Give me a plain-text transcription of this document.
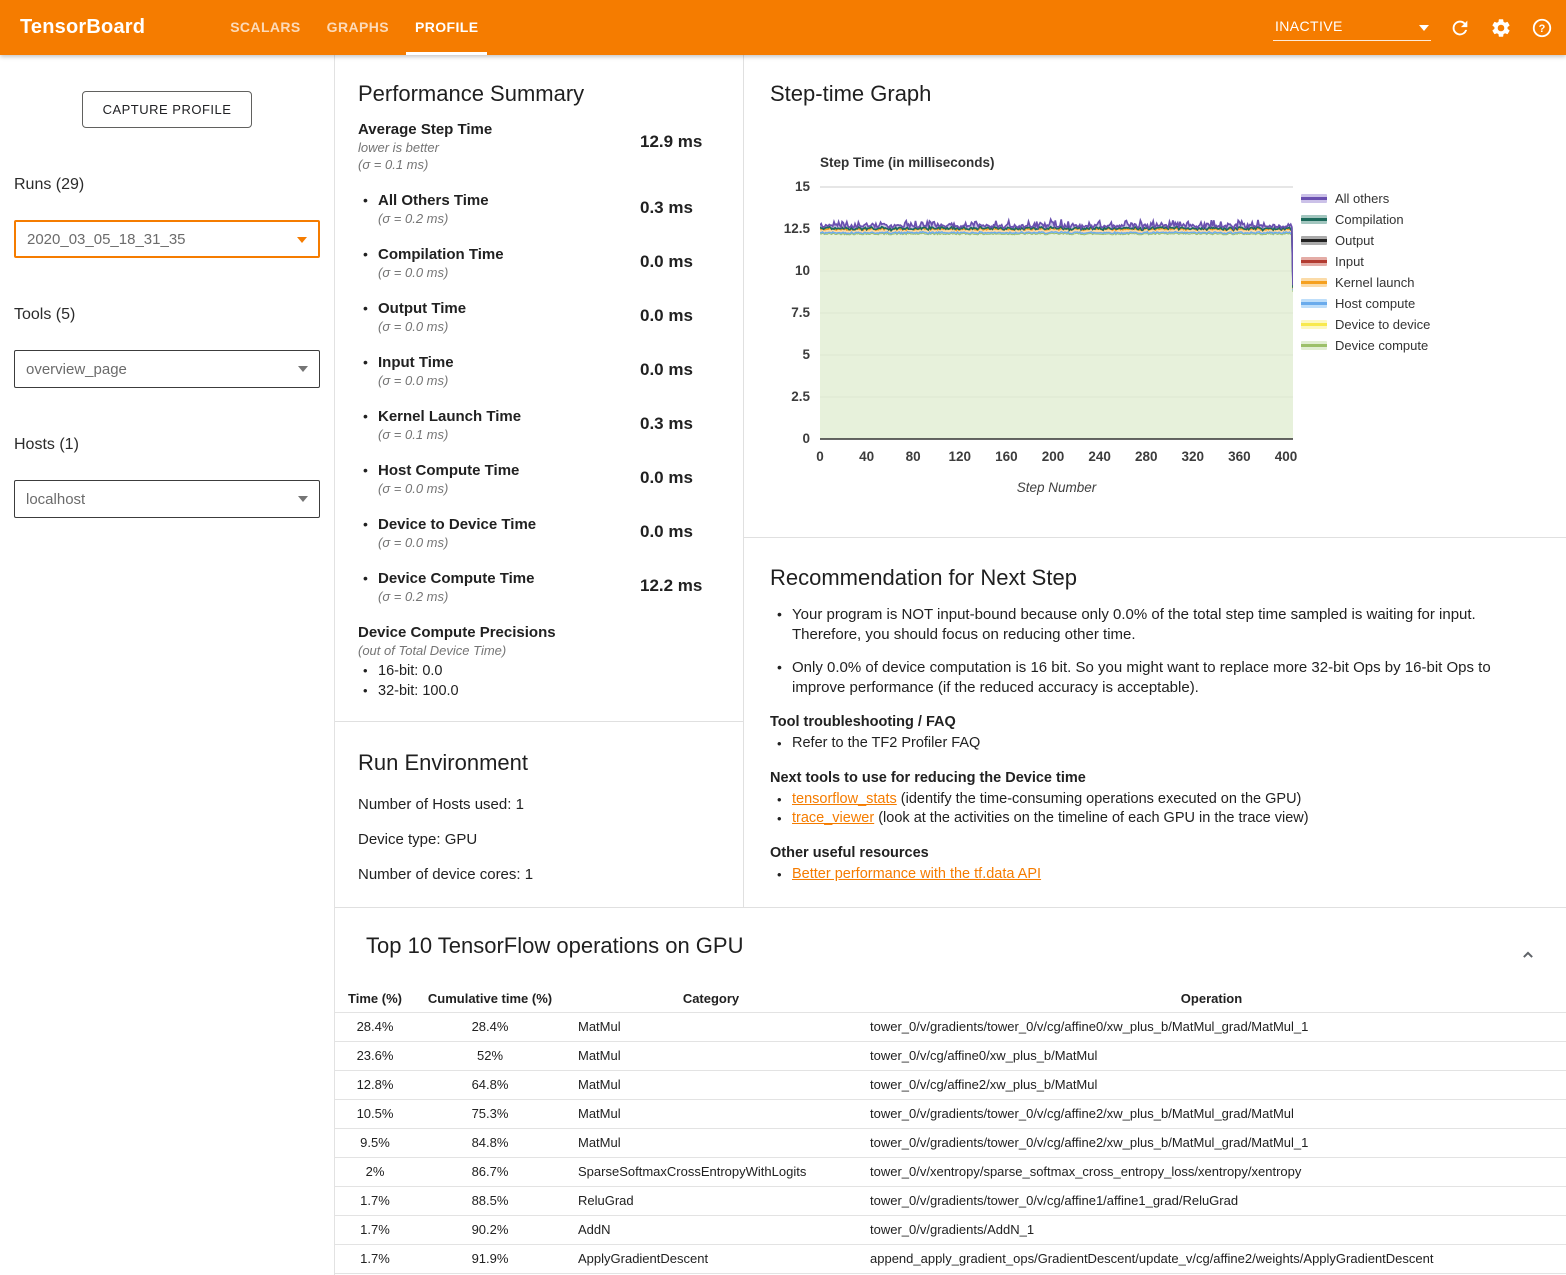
TensorBoard	SCALARS	GRAPHS	PROFILE	INACTIVE	?
CAPTURE PROFILE
Runs (29)
2020_03_05_18_31_35
Tools (5)
overview_page
Hosts (1)
localhost
Performance Summary
Average Step Time
lower is better
(σ = 0.1 ms)
12.9 ms
• All Others Time
(σ = 0.2 ms)
0.3 ms
• Compilation Time
(σ = 0.0 ms)
0.0 ms
• Output Time
(σ = 0.0 ms)
0.0 ms
• Input Time
(σ = 0.0 ms)
0.0 ms
• Kernel Launch Time
(σ = 0.1 ms)
0.3 ms
• Host Compute Time
(σ = 0.0 ms)
0.0 ms
• Device to Device Time
(σ = 0.0 ms)
0.0 ms
• Device Compute Time
(σ = 0.2 ms)
12.2 ms
Device Compute Precisions
(out of Total Device Time)
• 16-bit: 0.0
• 32-bit: 100.0
Run Environment

Number of Hosts used: 1

Device type: GPU

Number of device cores: 1

Step-time Graph
Step Time (in milliseconds)
0
2.5
5
7.5
10
12.5
15
0	40	80	120	160	200	240	280	320	360	400
Step Number
All others
Compilation
Output
Input
Kernel launch
Host compute
Device to device
Device compute
Recommendation for Next Step
• Your program is NOT input-bound because only 0.0% of the total step time sampled is waiting for input. Therefore, you should focus on reducing other time.
• Only 0.0% of device computation is 16 bit. So you might want to replace more 32-bit Ops by 16-bit Ops to improve performance (if the reduced accuracy is acceptable).
Tool troubleshooting / FAQ
• Refer to the TF2 Profiler FAQ
Next tools to use for reducing the Device time
• tensorflow_stats (identify the time-consuming operations executed on the GPU)
• trace_viewer (look at the activities on the timeline of each GPU in the trace view)
Other useful resources
• Better performance with the tf.data API
Top 10 TensorFlow operations on GPU
Time (%)	Cumulative time (%)	Category	Operation
28.4%	28.4%	MatMul	tower_0/v/gradients/tower_0/v/cg/affine0/xw_plus_b/MatMul_grad/MatMul_1
23.6%	52%	MatMul	tower_0/v/cg/affine0/xw_plus_b/MatMul
12.8%	64.8%	MatMul	tower_0/v/cg/affine2/xw_plus_b/MatMul
10.5%	75.3%	MatMul	tower_0/v/gradients/tower_0/v/cg/affine2/xw_plus_b/MatMul_grad/MatMul
9.5%	84.8%	MatMul	tower_0/v/gradients/tower_0/v/cg/affine2/xw_plus_b/MatMul_grad/MatMul_1
2%	86.7%	SparseSoftmaxCrossEntropyWithLogits	tower_0/v/xentropy/sparse_softmax_cross_entropy_loss/xentropy/xentropy
1.7%	88.5%	ReluGrad	tower_0/v/gradients/tower_0/v/cg/affine1/affine1_grad/ReluGrad
1.7%	90.2%	AddN	tower_0/v/gradients/AddN_1
1.7%	91.9%	ApplyGradientDescent	append_apply_gradient_ops/GradientDescent/update_v/cg/affine2/weights/ApplyGradientDescent
